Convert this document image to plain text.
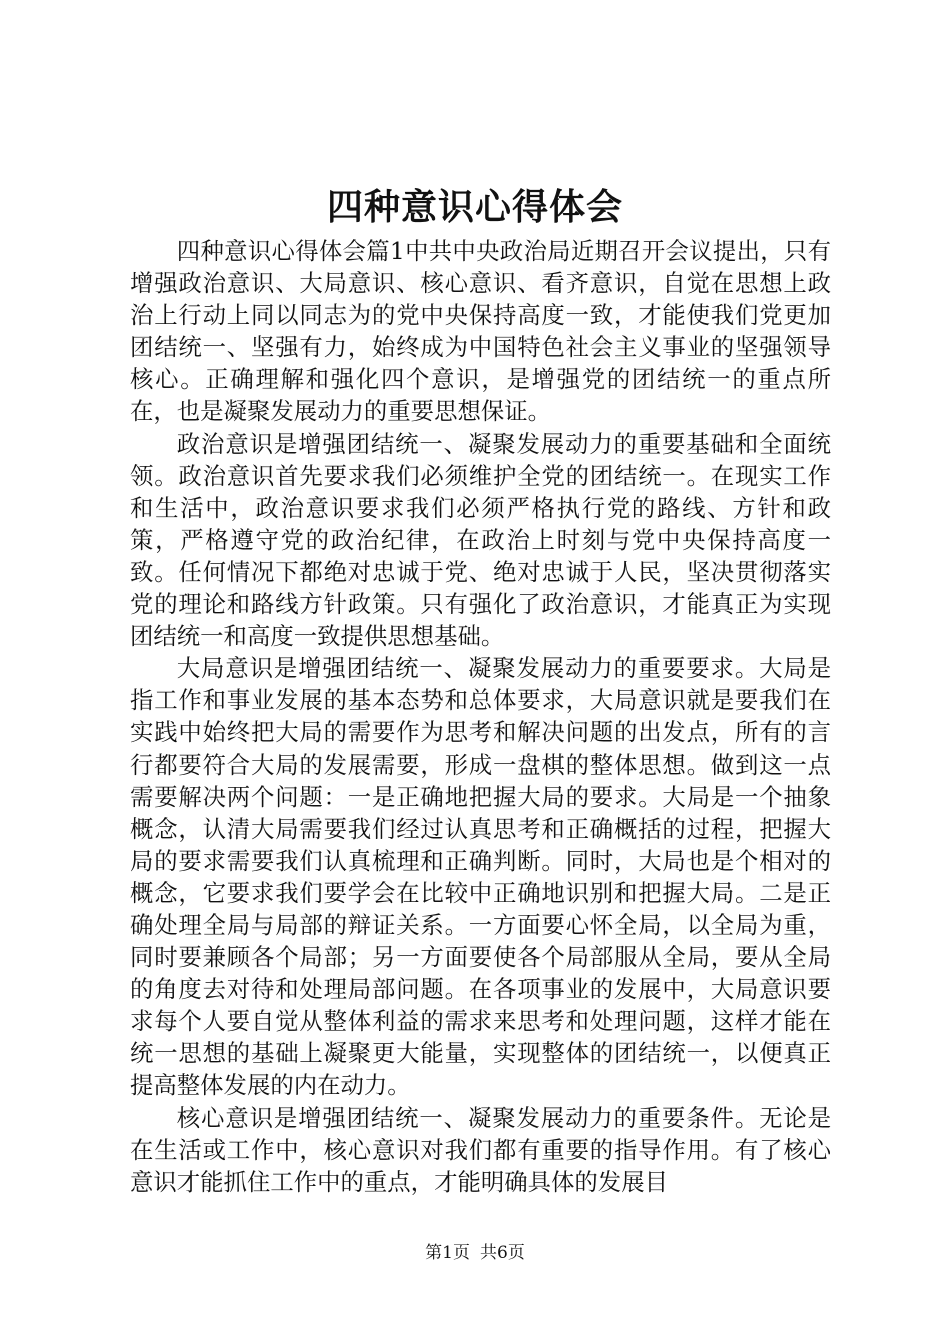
四种意识心得体会

四种意识心得体会篇1中共中央政治局近期召开会议提出，只有增强政治意识、大局意识、核心意识、看齐意识，自觉在思想上政治上行动上同以同志为的党中央保持高度一致，才能使我们党更加团结统一、坚强有力，始终成为中国特色社会主义事业的坚强领导核心。正确理解和强化四个意识，是增强党的团结统一的重点所在，也是凝聚发展动力的重要思想保证。

政治意识是增强团结统一、凝聚发展动力的重要基础和全面统领。政治意识首先要求我们必须维护全党的团结统一。在现实工作和生活中，政治意识要求我们必须严格执行党的路线、方针和政策，严格遵守党的政治纪律，在政治上时刻与党中央保持高度一致。任何情况下都绝对忠诚于党、绝对忠诚于人民，坚决贯彻落实党的理论和路线方针政策。只有强化了政治意识，才能真正为实现团结统一和高度一致提供思想基础。

大局意识是增强团结统一、凝聚发展动力的重要要求。大局是指工作和事业发展的基本态势和总体要求，大局意识就是要我们在实践中始终把大局的需要作为思考和解决问题的出发点，所有的言行都要符合大局的发展需要，形成一盘棋的整体思想。做到这一点需要解决两个问题：一是正确地把握大局的要求。大局是一个抽象概念，认清大局需要我们经过认真思考和正确概括的过程，把握大局的要求需要我们认真梳理和正确判断。同时，大局也是个相对的概念，它要求我们要学会在比较中正确地识别和把握大局。二是正确处理全局与局部的辩证关系。一方面要心怀全局，以全局为重，同时要兼顾各个局部；另一方面要使各个局部服从全局，要从全局的角度去对待和处理局部问题。在各项事业的发展中，大局意识要求每个人要自觉从整体利益的需求来思考和处理问题，这样才能在统一思想的基础上凝聚更大能量，实现整体的团结统一，以便真正提高整体发展的内在动力。

核心意识是增强团结统一、凝聚发展动力的重要条件。无论是在生活或工作中，核心意识对我们都有重要的指导作用。有了核心意识才能抓住工作中的重点，才能明确具体的发展目

第1页 共6页
